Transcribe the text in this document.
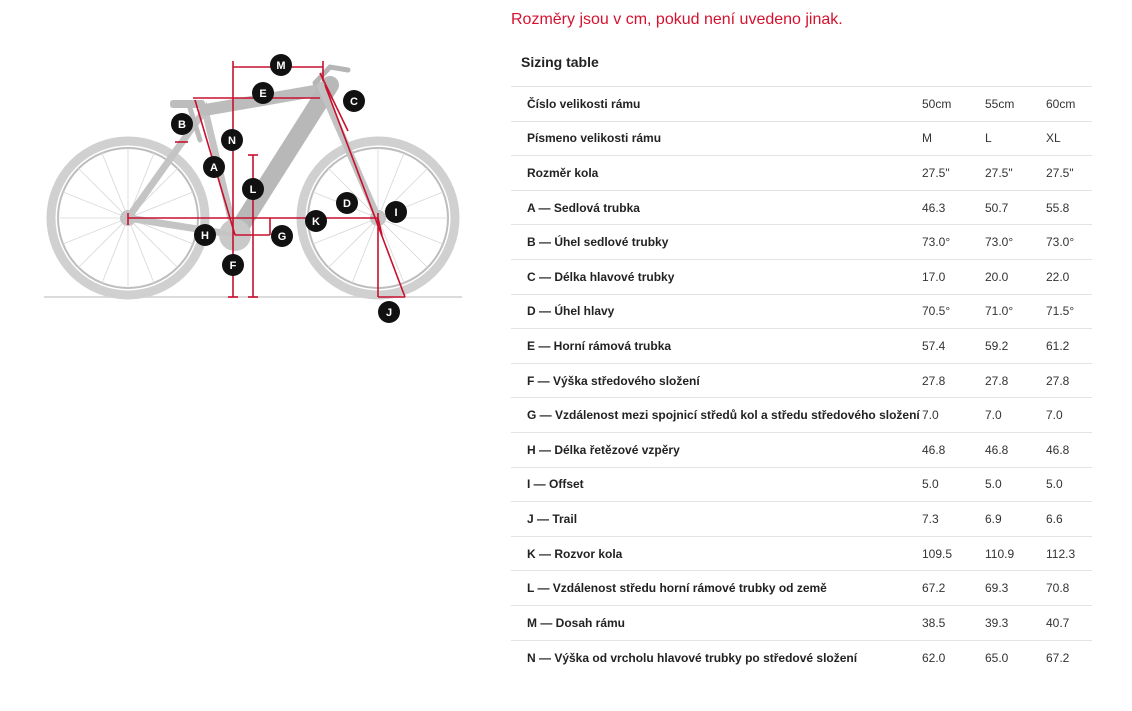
M
E
C
B
N
A
L
D
I
K
H	G
F
J
Rozměry jsou v cm, pokud není uvedeno jinak.
Sizing table
Číslo velikosti rámu	50cm	55cm	60cm
Písmeno velikosti rámu	M	L	XL
Rozměr kola	27.5"	27.5"	27.5"
A — Sedlová trubka	46.3	50.7	55.8
B — Úhel sedlové trubky	73.0°	73.0°	73.0°
C — Délka hlavové trubky	17.0	20.0	22.0
D — Úhel hlavy	70.5°	71.0°	71.5°
E — Horní rámová trubka	57.4	59.2	61.2
F — Výška středového složení	27.8	27.8	27.8
G — Vzdálenost mezi spojnicí středů kol a středu středového složení	7.0	7.0	7.0
H — Délka řetězové vzpěry	46.8	46.8	46.8
I — Offset	5.0	5.0	5.0
J — Trail	7.3	6.9	6.6
K — Rozvor kola	109.5	110.9	112.3
L — Vzdálenost středu horní rámové trubky od země	67.2	69.3	70.8
M — Dosah rámu	38.5	39.3	40.7
N — Výška od vrcholu hlavové trubky po středové složení	62.0	65.0	67.2
